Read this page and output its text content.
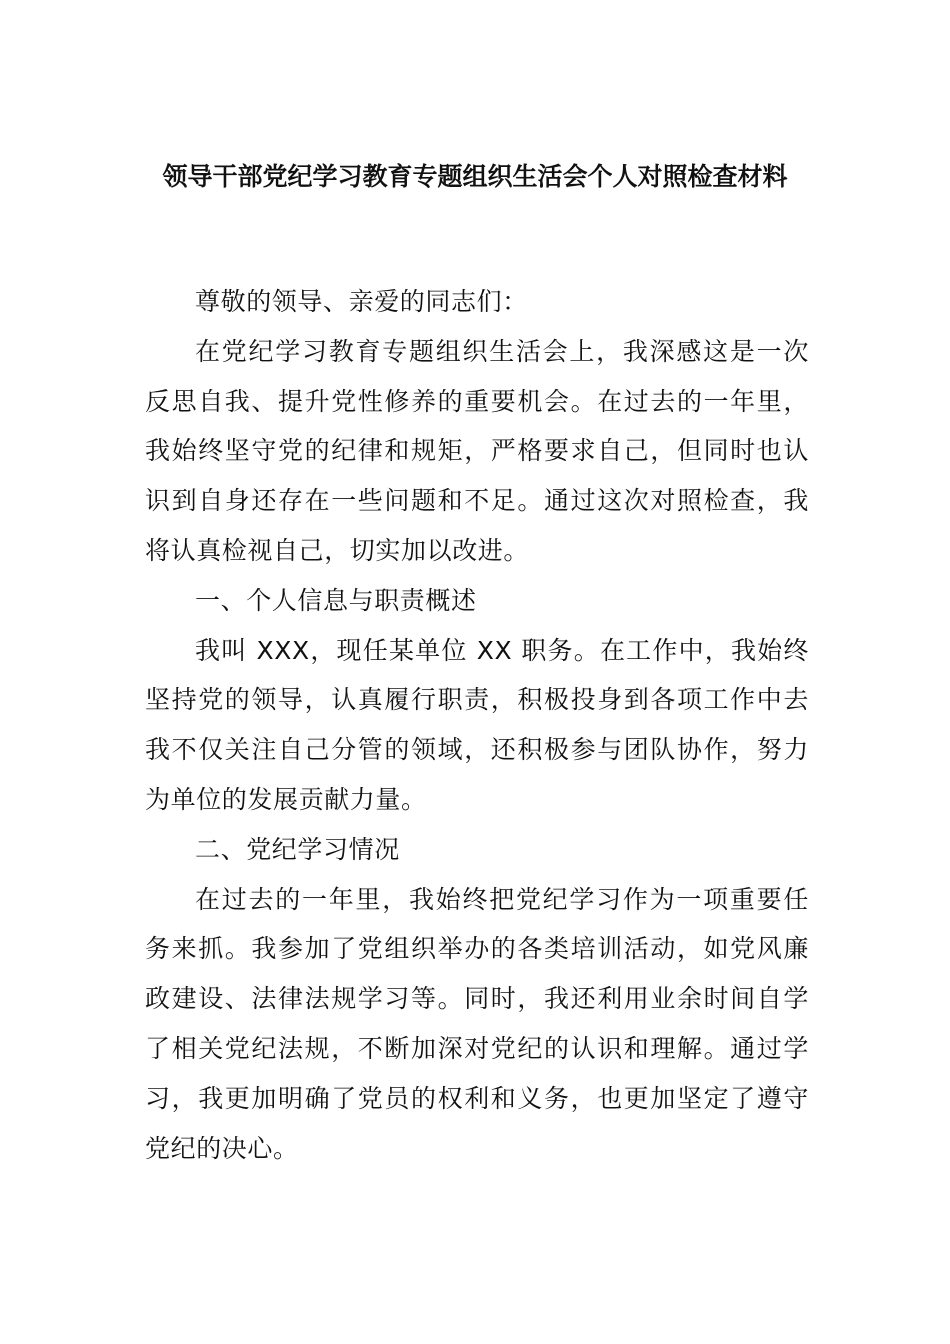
领导干部党纪学习教育专题组织生活会个人对照检查材料

尊敬的领导、亲爱的同志们：

在党纪学习教育专题组织生活会上，我深感这是一次反思自我、提升党性修养的重要机会。在过去的一年里，我始终坚守党的纪律和规矩，严格要求自己，但同时也认识到自身还存在一些问题和不足。通过这次对照检查，我将认真检视自己，切实加以改进。

一、个人信息与职责概述

我叫 XXX，现任某单位 XX 职务。在工作中，我始终坚持党的领导，认真履行职责，积极投身到各项工作中去我不仅关注自己分管的领域，还积极参与团队协作，努力为单位的发展贡献力量。

二、党纪学习情况

在过去的一年里，我始终把党纪学习作为一项重要任务来抓。我参加了党组织举办的各类培训活动，如党风廉政建设、法律法规学习等。同时，我还利用业余时间自学了相关党纪法规，不断加深对党纪的认识和理解。通过学习，我更加明确了党员的权利和义务，也更加坚定了遵守党纪的决心。
